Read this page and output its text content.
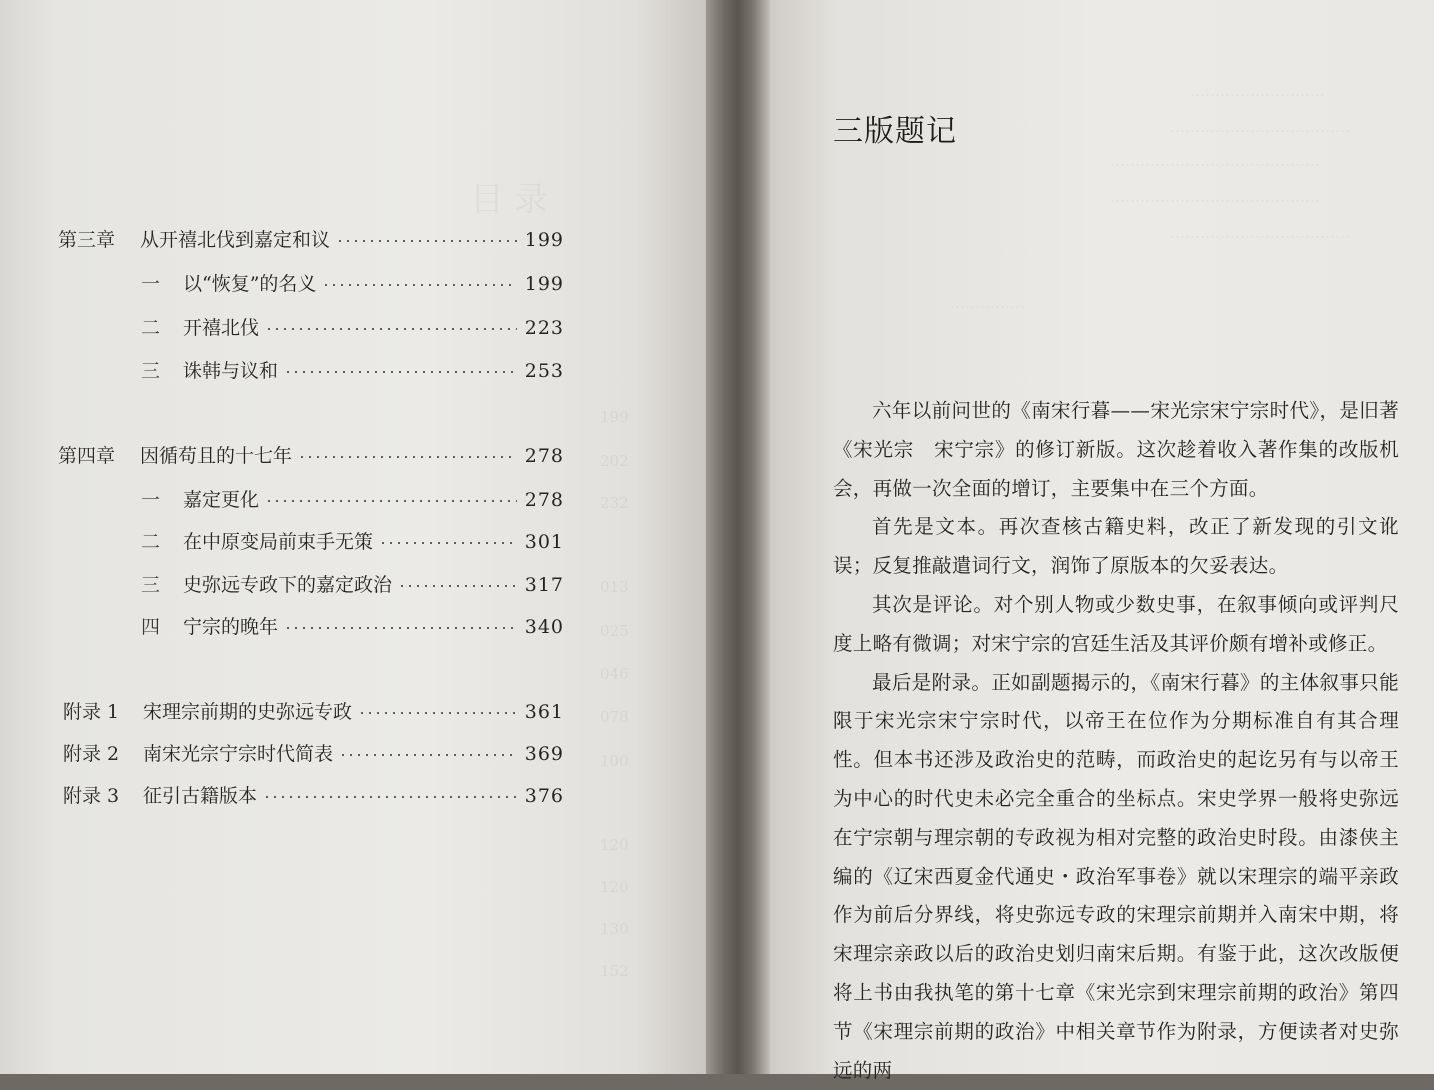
目录
199
202
232
013
025
046
078
100
120
120
130
152
第三章 从开禧北伐到嘉定和议	199
一 以“恢复”的名义	199
二 开禧北伐	223
三 诛韩与议和	253
第四章 因循苟且的十七年	278
一 嘉定更化	278
二 在中原变局前束手无策	301
三 史弥远专政下的嘉定政治	317
四 宁宗的晚年	340
附录 1 宋理宗前期的史弥远专政	361
附录 2 南宋光宗宁宗时代简表	369
附录 3 征引古籍版本	376
………………………
………………………………
……………………………………
……………………………………
………………………………
……………
三版题记

六年以前问世的《南宋行暮——宋光宗宋宁宗时代》，是旧著《宋光宗　宋宁宗》的修订新版。这次趁着收入著作集的改版机会，再做一次全面的增订，主要集中在三个方面。

首先是文本。再次查核古籍史料，改正了新发现的引文讹误；反复推敲遣词行文，润饰了原版本的欠妥表达。

其次是评论。对个别人物或少数史事，在叙事倾向或评判尺度上略有微调；对宋宁宗的宫廷生活及其评价颇有增补或修正。

最后是附录。正如副题揭示的，《南宋行暮》的主体叙事只能限于宋光宗宋宁宗时代，以帝王在位作为分期标准自有其合理性。但本书还涉及政治史的范畴，而政治史的起讫另有与以帝王为中心的时代史未必完全重合的坐标点。宋史学界一般将史弥远在宁宗朝与理宗朝的专政视为相对完整的政治史时段。由漆侠主编的《辽宋西夏金代通史・政治军事卷》就以宋理宗的端平亲政作为前后分界线，将史弥远专政的宋理宗前期并入南宋中期，将宋理宗亲政以后的政治史划归南宋后期。有鉴于此，这次改版便将上书由我执笔的第十七章《宋光宗到宋理宗前期的政治》第四节《宋理宗前期的政治》中相关章节作为附录，方便读者对史弥远的两
